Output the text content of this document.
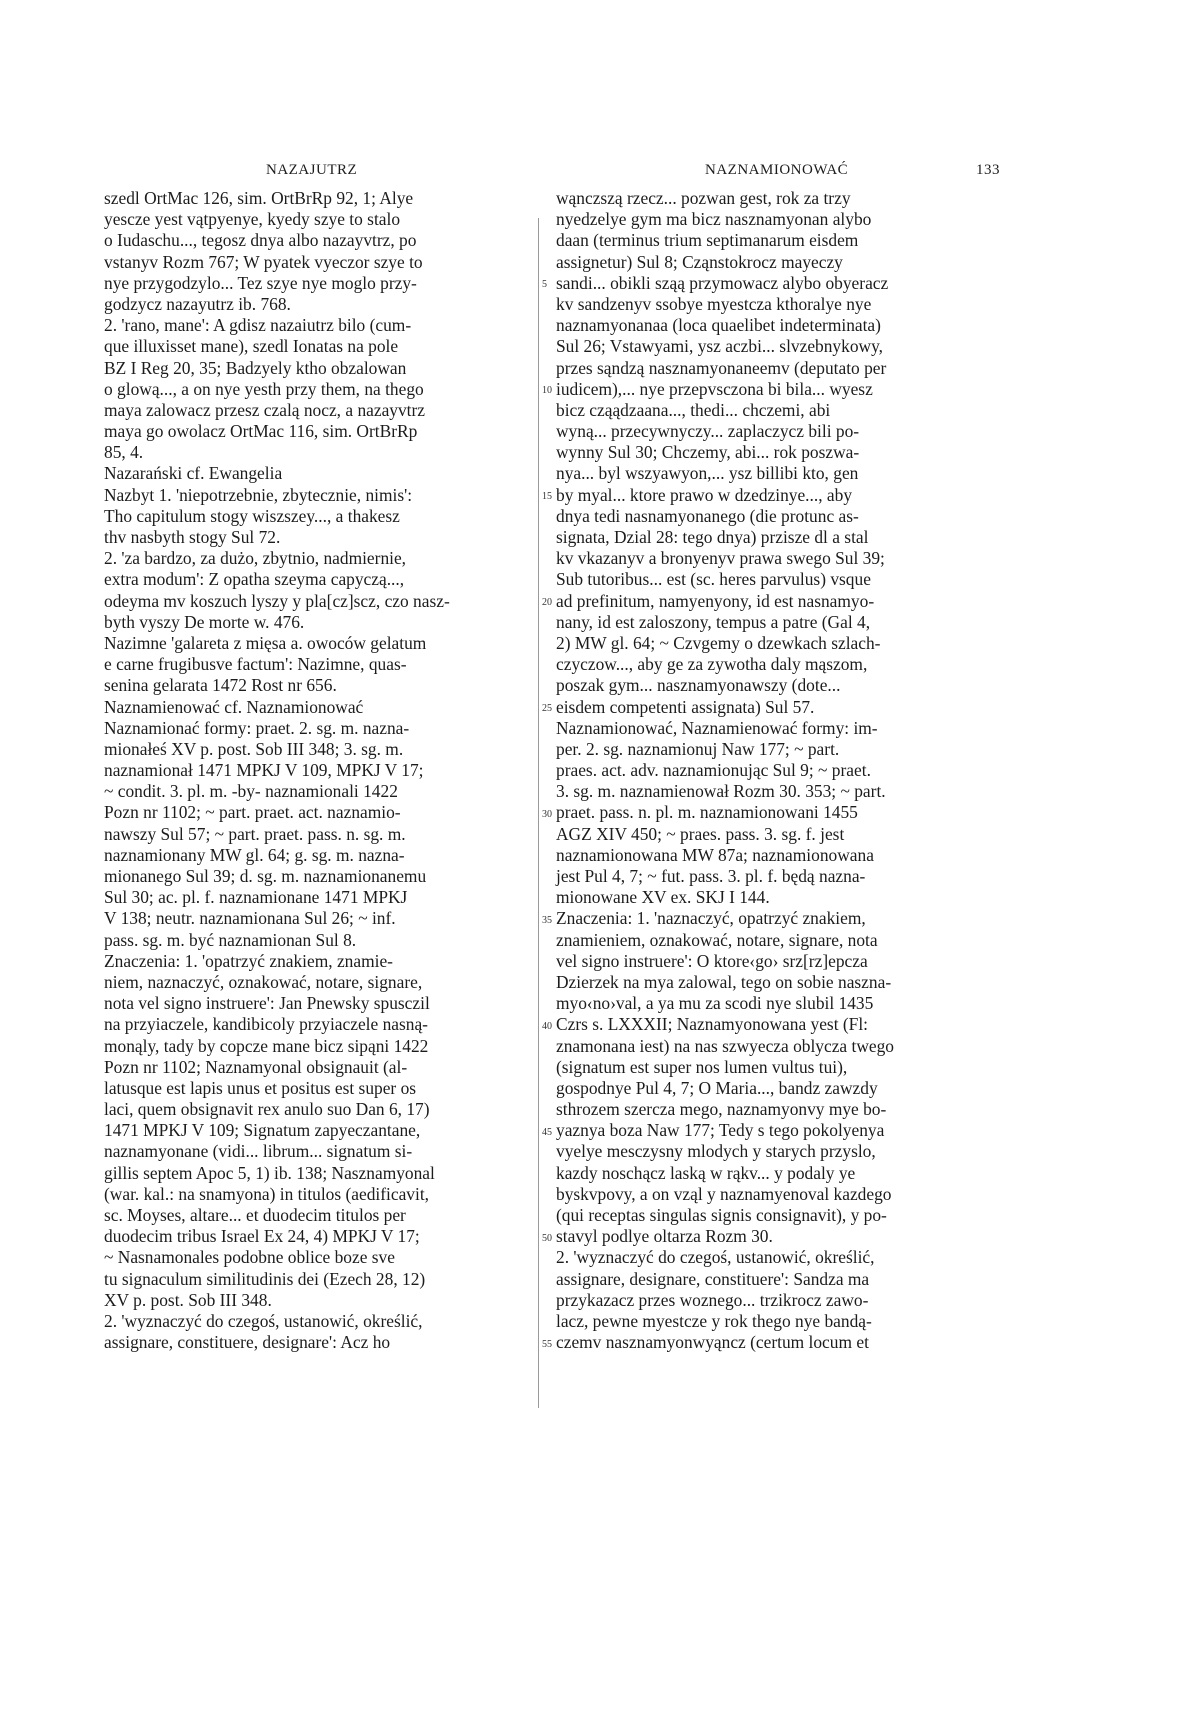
NAZAJUTRZ	NAZNAMIONOWAĆ	133
szedl OrtMac 126, sim. OrtBrRp 92, 1; Alye
yescze yest vątpyenye, kyedy szye to stalo
o Iudaschu..., tegosz dnya albo nazayvtrz, po
vstanyv Rozm 767; W pyatek vyeczor szye to
nye przygodzylo... Tez szye nye moglo przy-
godzycz nazayutrz ib. 768.
2. 'rano, mane': A gdisz nazaiutrz bilo (cum-
que illuxisset mane), szedl Ionatas na pole
BZ I Reg 20, 35; Badzyely ktho obzalowan
o glową..., a on nye yesth przy them, na thego
maya zalowacz przesz czalą nocz, a nazayvtrz
maya go owolacz OrtMac 116, sim. OrtBrRp
85, 4.
Nazarański cf. Ewangelia
Nazbyt 1. 'niepotrzebnie, zbytecznie, nimis':
Tho capitulum stogy wiszszey..., a thakesz
thv nasbyth stogy Sul 72.
2. 'za bardzo, za dużo, zbytnio, nadmiernie,
extra modum': Z opatha szeyma capyczą...,
odeyma mv koszuch lyszy y pla[cz]scz, czo nasz-
byth vyszy De morte w. 476.
Nazimne 'galareta z mięsa a. owoców gelatum
e carne frugibusve factum': Nazimne, quas-
senina gelarata 1472 Rost nr 656.
Naznamienować cf. Naznamionować
Naznamionać formy: praet. 2. sg. m. nazna-
mionałeś XV p. post. Sob III 348; 3. sg. m.
naznamionał 1471 MPKJ V 109, MPKJ V 17;
~ condit. 3. pl. m. -by- naznamionali 1422
Pozn nr 1102; ~ part. praet. act. naznamio-
nawszy Sul 57; ~ part. praet. pass. n. sg. m.
naznamionany MW gl. 64; g. sg. m. nazna-
mionanego Sul 39; d. sg. m. naznamionanemu
Sul 30; ac. pl. f. naznamionane 1471 MPKJ
V 138; neutr. naznamionana Sul 26; ~ inf.
pass. sg. m. być naznamionan Sul 8.
Znaczenia: 1. 'opatrzyć znakiem, znamie-
niem, naznaczyć, oznakować, notare, signare,
nota vel signo instruere': Jan Pnewsky spusczil
na przyiaczele, kandibicoly przyiaczele nasną-
monąly, tady by copcze mane bicz sipąni 1422
Pozn nr 1102; Naznamyonal obsignauit (al-
latusque est lapis unus et positus est super os
laci, quem obsignavit rex anulo suo Dan 6, 17)
1471 MPKJ V 109; Signatum zapyeczantane,
naznamyonane (vidi... librum... signatum si-
gillis septem Apoc 5, 1) ib. 138; Nasznamyonal
(war. kal.: na snamyona) in titulos (aedificavit,
sc. Moyses, altare... et duodecim titulos per
duodecim tribus Israel Ex 24, 4) MPKJ V 17;
~ Nasnamonales podobne oblice boze sve
tu signaculum similitudinis dei (Ezech 28, 12)
XV p. post. Sob III 348.
2. 'wyznaczyć do czegoś, ustanowić, określić,
assignare, constituere, designare': Acz ho
wąnczszą rzecz... pozwan gest, rok za trzy
nyedzelye gym ma bicz nasznamyonan alybo
daan (terminus trium septimanarum eisdem
assignetur) Sul 8; Cząnstokrocz mayeczy
sandi... obikli sząą przymowacz alybo obyeracz
kv sandzenyv ssobye myestcza kthoralye nye
naznamyonanaa (loca quaelibet indeterminata)
Sul 26; Vstawyami, ysz aczbi... slvzebnykowy,
przes sąndzą nasznamyonaneemv (deputato per
iudicem),... nye przepvsczona bi bila... wyesz
bicz cząądzaana..., thedi... chczemi, abi
wyną... przecywnyczy... zaplaczycz bili po-
wynny Sul 30; Chczemy, abi... rok poszwa-
nya... byl wszyawyon,... ysz billibi kto, gen
by myal... ktore prawo w dzedzinye..., aby
dnya tedi nasnamyonanego (die protunc as-
signata, Dzial 28: tego dnya) przisze dl a stal
kv vkazanyv a bronyenyv prawa swego Sul 39;
Sub tutoribus... est (sc. heres parvulus) vsque
ad prefinitum, namyenyony, id est nasnamyo-
nany, id est zaloszony, tempus a patre (Gal 4,
2) MW gl. 64; ~ Czvgemy o dzewkach szlach-
czyczow..., aby ge za zywotha daly mąszom,
poszak gym... nasznamyonawszy (dote...
eisdem competenti assignata) Sul 57.
Naznamionować, Naznamienować formy: im-
per. 2. sg. naznamionuj Naw 177; ~ part.
praes. act. adv. naznamionując Sul 9; ~ praet.
3. sg. m. naznamienował Rozm 30. 353; ~ part.
praet. pass. n. pl. m. naznamionowani 1455
AGZ XIV 450; ~ praes. pass. 3. sg. f. jest
naznamionowana MW 87a; naznamionowana
jest Pul 4, 7; ~ fut. pass. 3. pl. f. będą nazna-
mionowane XV ex. SKJ I 144.
Znaczenia: 1. 'naznaczyć, opatrzyć znakiem,
znamieniem, oznakować, notare, signare, nota
vel signo instruere': O ktore‹go› srz[rz]epcza
Dzierzek na mya zalowal, tego on sobie naszna-
myo‹no›val, a ya mu za scodi nye slubil 1435
Czrs s. LXXXII; Naznamyonowana yest (Fl:
znamonana iest) na nas szwyecza oblycza twego
(signatum est super nos lumen vultus tui),
gospodnye Pul 4, 7; O Maria..., bandz zawzdy
sthrozem szercza mego, naznamyonvy mye bo-
yaznya boza Naw 177; Tedy s tego pokolyenya
vyelye mesczysny mlodych y starych przyslo,
kazdy noschącz laską w rąkv... y podaly ye
byskvpovy, a on vząl y naznamyenoval kazdego
(qui receptas singulas signis consignavit), y po-
stavyl podlye oltarza Rozm 30.
2. 'wyznaczyć do czegoś, ustanowić, określić,
assignare, designare, constituere': Sandza ma
przykazacz przes woznego... trzikrocz zawo-
lacz, pewne myestcze y rok thego nye bandą-
czemv nasznamyonwyąncz (certum locum et
5
10
15
20
25
30
35
40
45
50
55
